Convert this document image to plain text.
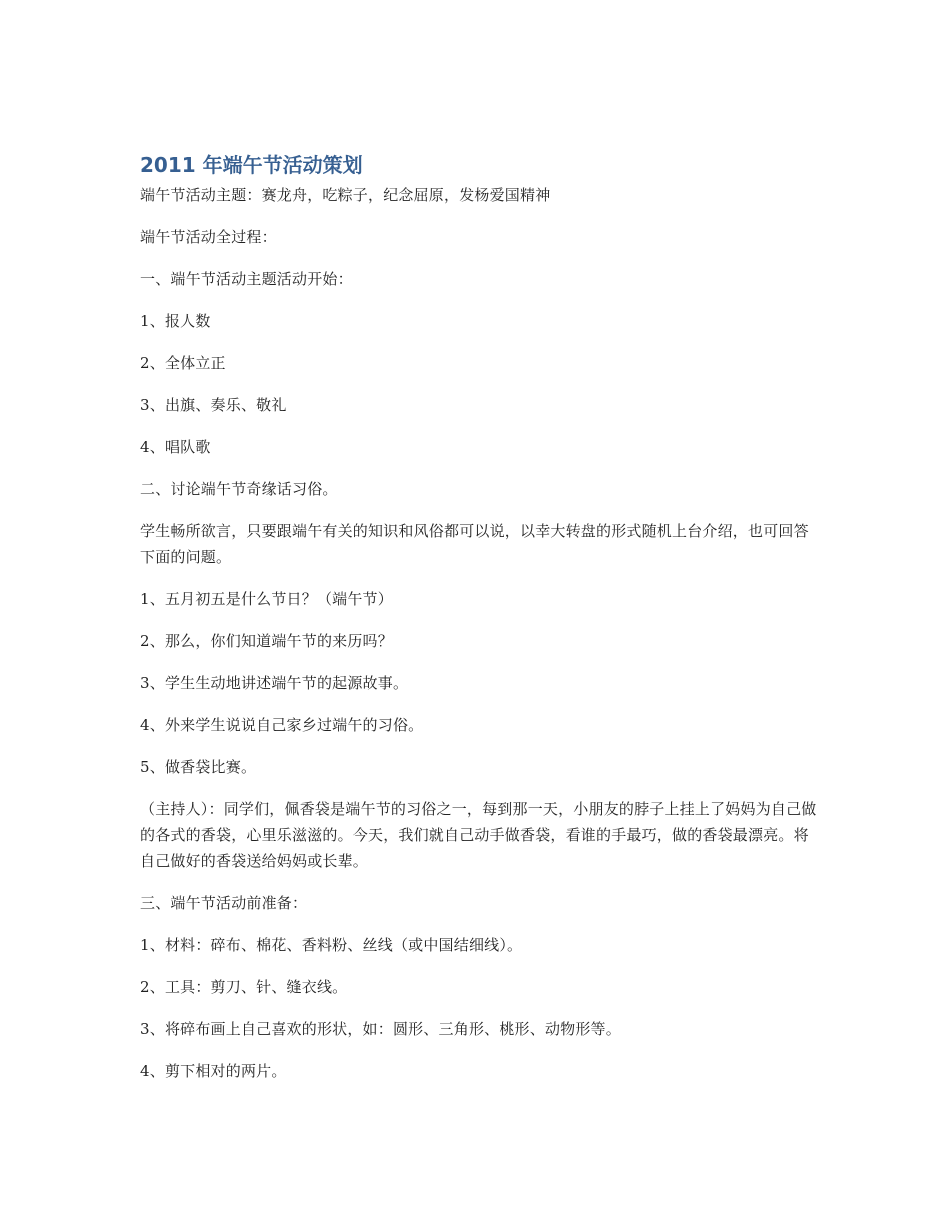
2011 年端午节活动策划

端午节活动主题：赛龙舟，吃粽子，纪念屈原，发杨爱国精神

端午节活动全过程：

一、端午节活动主题活动开始：

1、报人数

2、全体立正

3、出旗、奏乐、敬礼

4、唱队歌

二、讨论端午节奇缘话习俗。

学生畅所欲言，只要跟端午有关的知识和风俗都可以说，以幸大转盘的形式随机上台介绍，也可回答下面的问题。

1、五月初五是什么节日？（端午节）

2、那么，你们知道端午节的来历吗？

3、学生生动地讲述端午节的起源故事。

4、外来学生说说自己家乡过端午的习俗。

5、做香袋比赛。

（主持人）：同学们，佩香袋是端午节的习俗之一，每到那一天，小朋友的脖子上挂上了妈妈为自己做的各式的香袋，心里乐滋滋的。今天，我们就自己动手做香袋，看谁的手最巧，做的香袋最漂亮。将自己做好的香袋送给妈妈或长辈。

三、端午节活动前准备：

1、材料：碎布、棉花、香料粉、丝线（或中国结细线）。

2、工具：剪刀、针、缝衣线。

3、将碎布画上自己喜欢的形状，如：圆形、三角形、桃形、动物形等。

4、剪下相对的两片。
